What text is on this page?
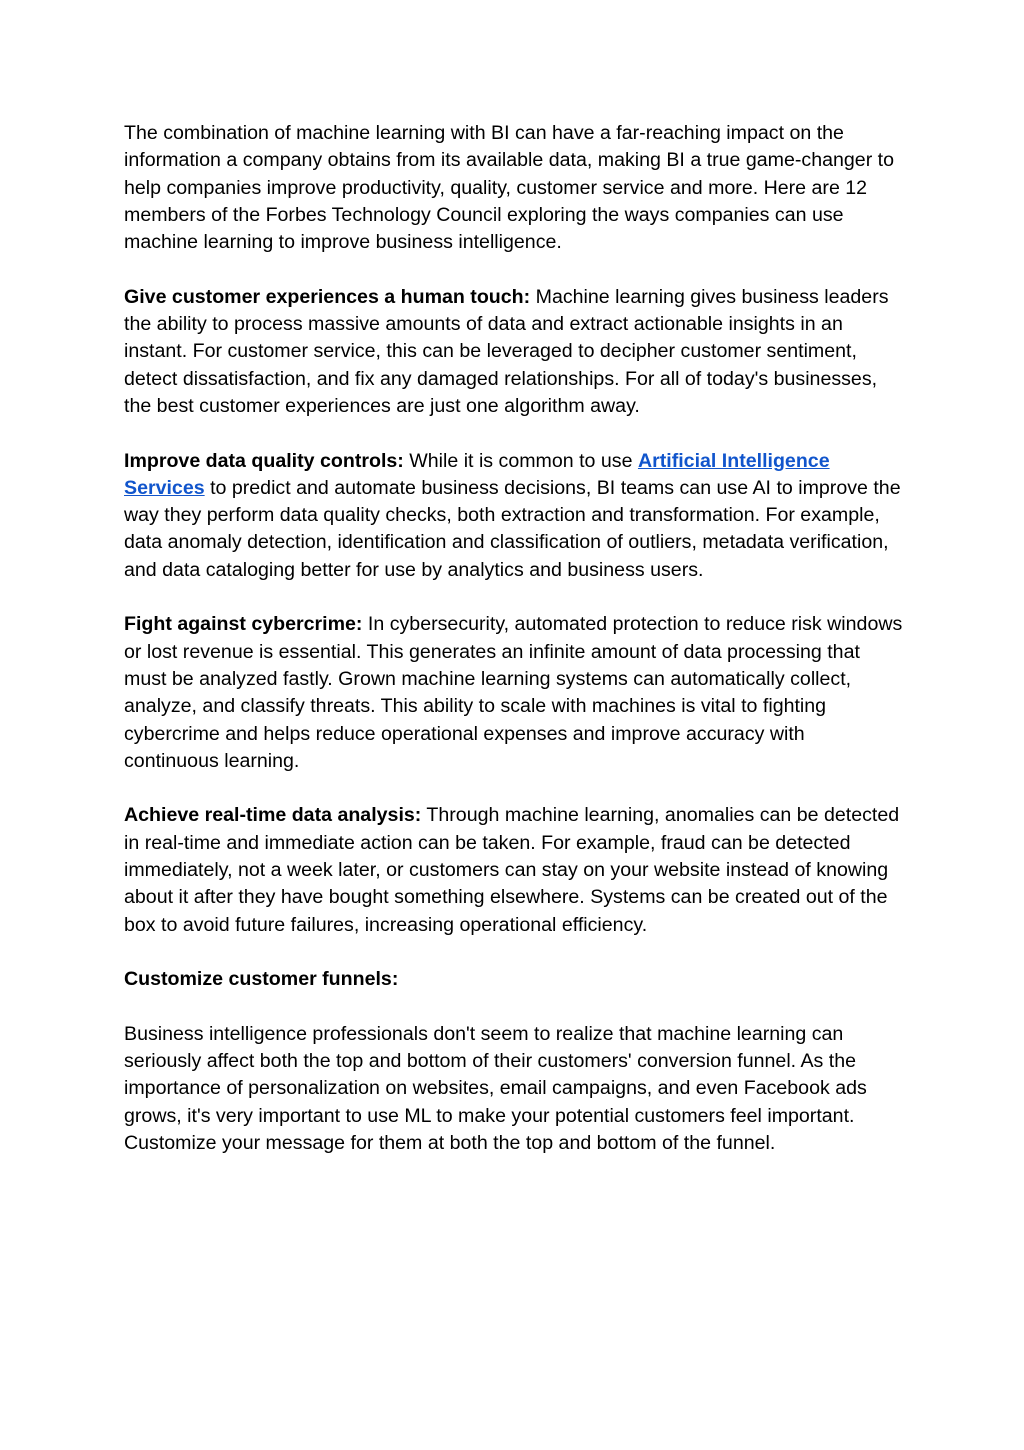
The combination of machine learning with BI can have a far-reaching impact on the information a company obtains from its available data, making BI a true game-changer to help companies improve productivity, quality, customer service and more. Here are 12 members of the Forbes Technology Council exploring the ways companies can use machine learning to improve business intelligence.

Give customer experiences a human touch: Machine learning gives business leaders the ability to process massive amounts of data and extract actionable insights in an instant. For customer service, this can be leveraged to decipher customer sentiment, detect dissatisfaction, and fix any damaged relationships. For all of today's businesses, the best customer experiences are just one algorithm away.

Improve data quality controls: While it is common to use Artificial Intelligence Services to predict and automate business decisions, BI teams can use AI to improve the way they perform data quality checks, both extraction and transformation. For example, data anomaly detection, identification and classification of outliers, metadata verification, and data cataloging better for use by analytics and business users.

Fight against cybercrime: In cybersecurity, automated protection to reduce risk windows or lost revenue is essential. This generates an infinite amount of data processing that must be analyzed fastly. Grown machine learning systems can automatically collect, analyze, and classify threats. This ability to scale with machines is vital to fighting cybercrime and helps reduce operational expenses and improve accuracy with continuous learning.

Achieve real-time data analysis: Through machine learning, anomalies can be detected in real-time and immediate action can be taken. For example, fraud can be detected immediately, not a week later, or customers can stay on your website instead of knowing about it after they have bought something elsewhere. Systems can be created out of the box to avoid future failures, increasing operational efficiency.

Customize customer funnels:

Business intelligence professionals don't seem to realize that machine learning can seriously affect both the top and bottom of their customers' conversion funnel. As the importance of personalization on websites, email campaigns, and even Facebook ads grows, it's very important to use ML to make your potential customers feel important. Customize your message for them at both the top and bottom of the funnel.
